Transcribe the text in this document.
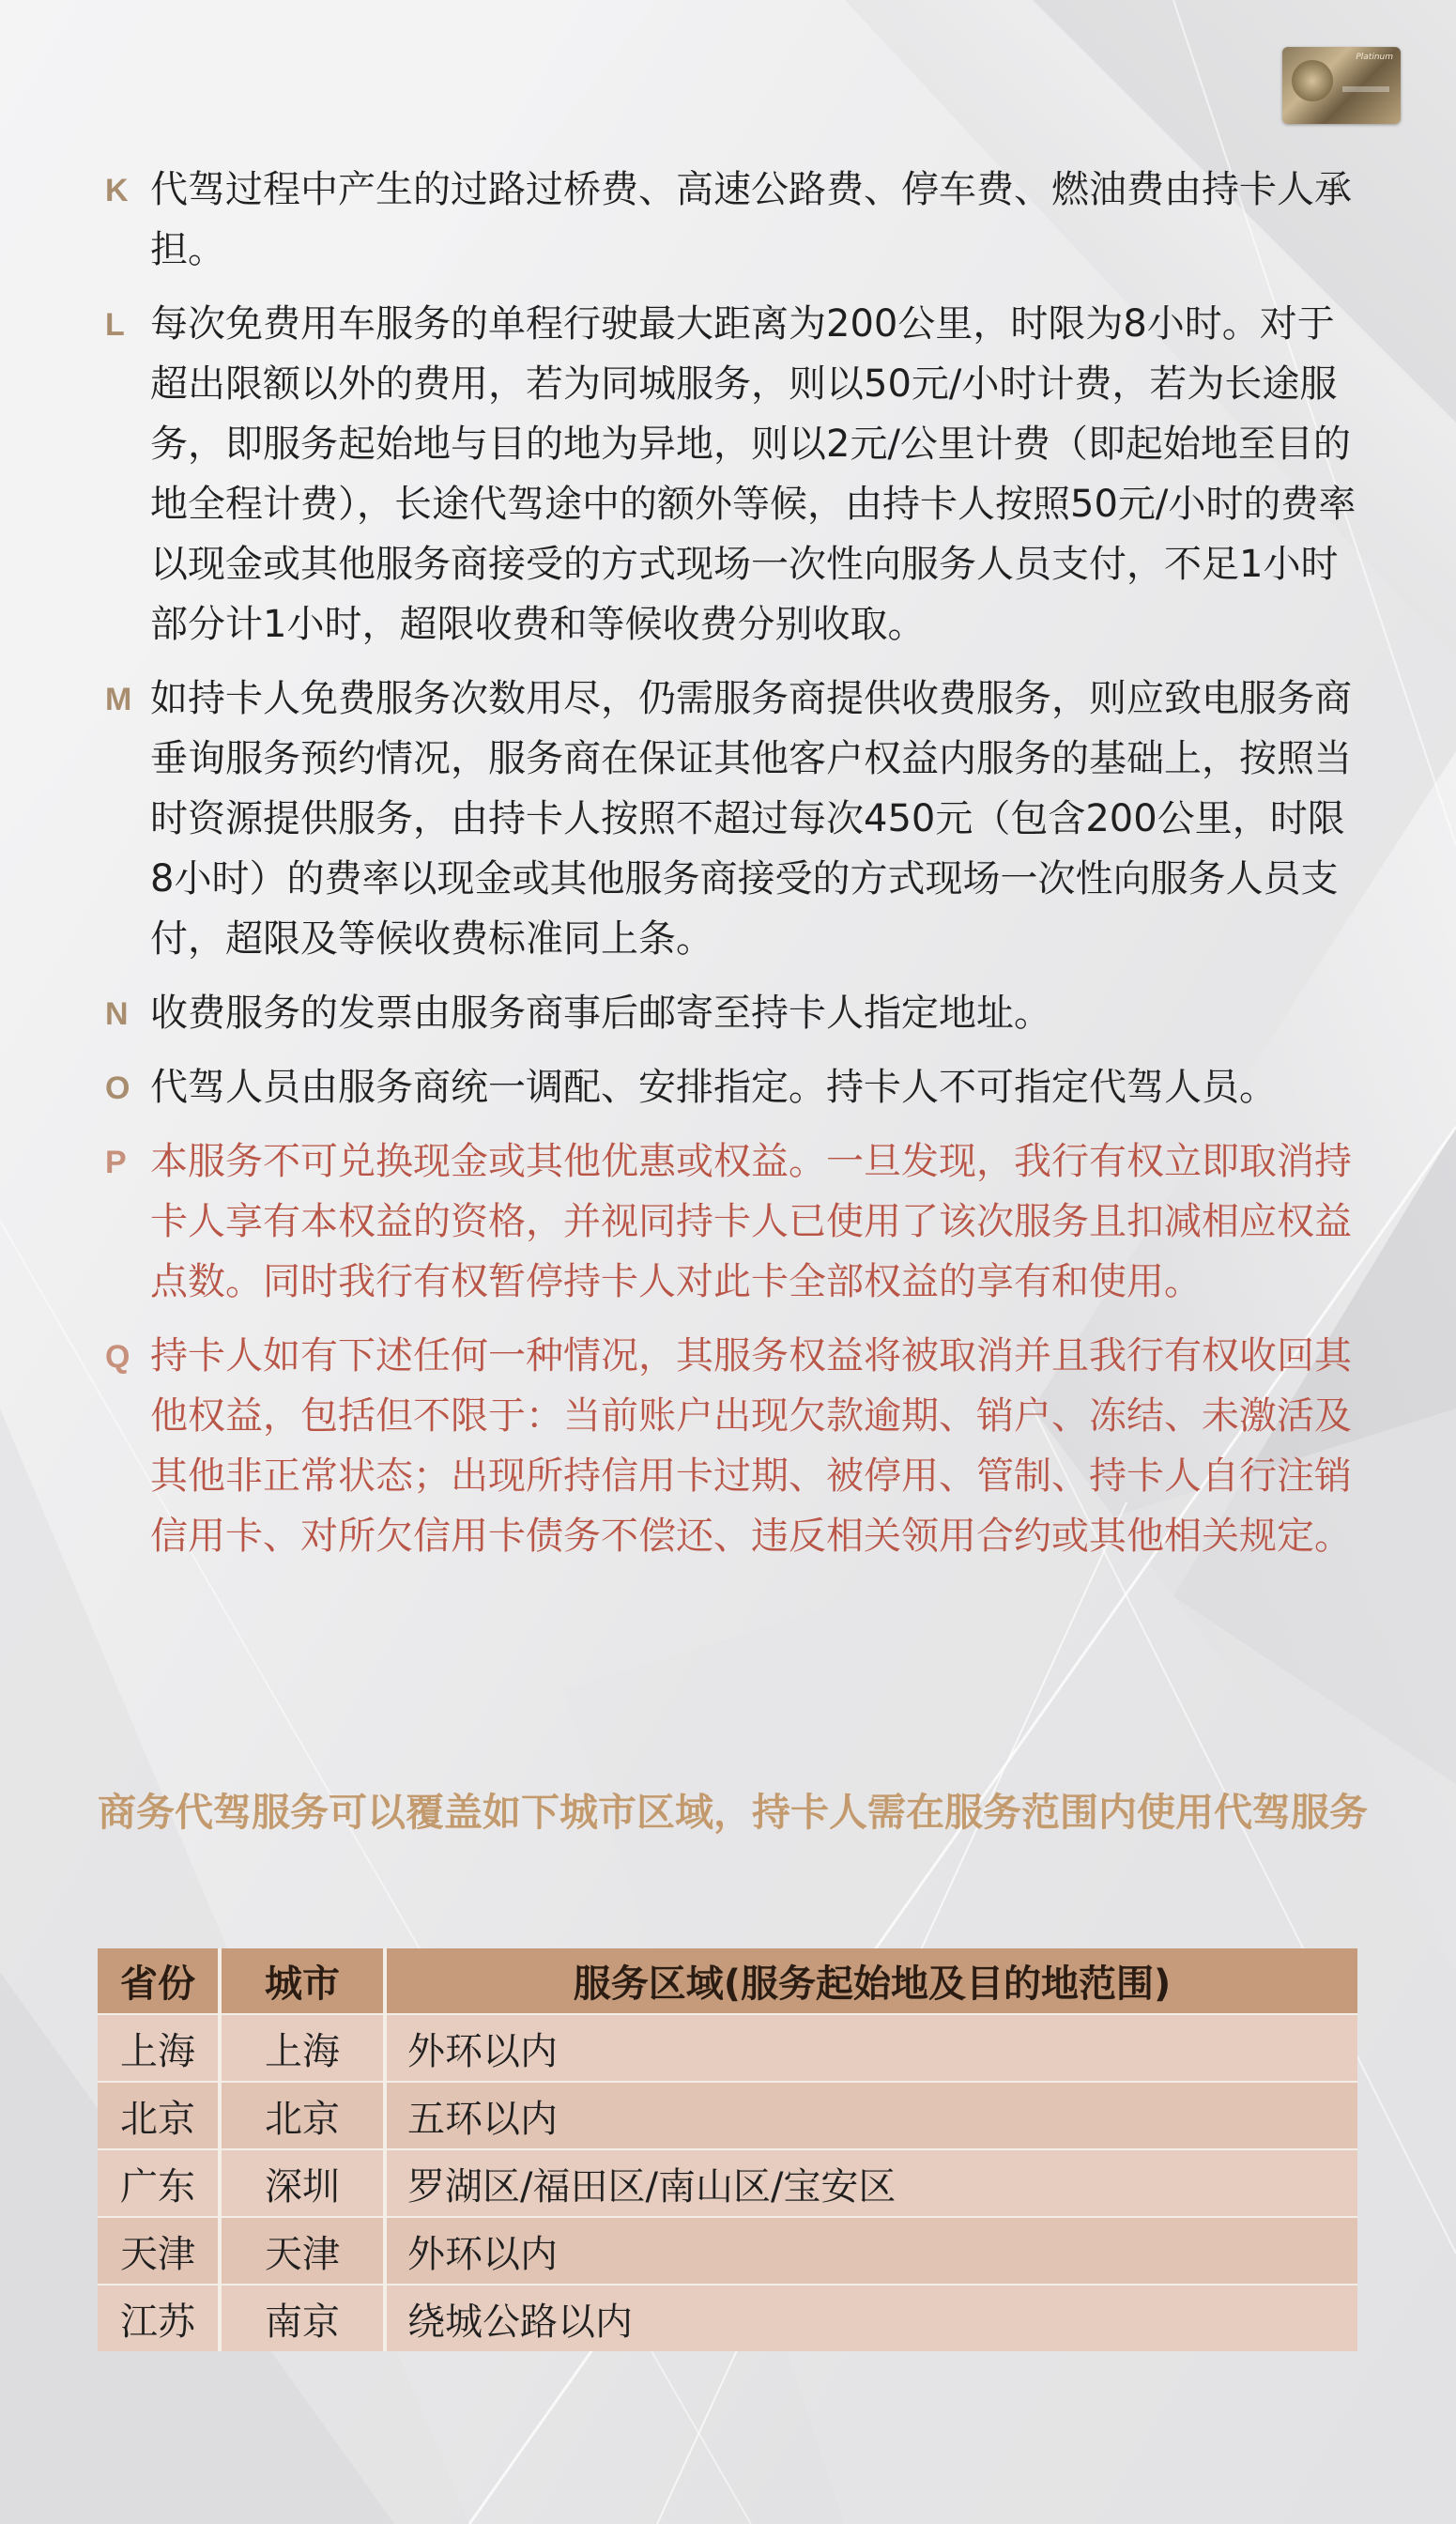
Platinum
K 代驾过程中产生的过路过桥费、高速公路费、停车费、燃油费由持卡人承担。
L 每次免费用车服务的单程行驶最大距离为200公里，时限为8小时。对于超出限额以外的费用，若为同城服务，则以50元/小时计费，若为长途服务，即服务起始地与目的地为异地，则以2元/公里计费（即起始地至目的地全程计费），长途代驾途中的额外等候，由持卡人按照50元/小时的费率以现金或其他服务商接受的方式现场一次性向服务人员支付，不足1小时部分计1小时，超限收费和等候收费分别收取。
M 如持卡人免费服务次数用尽，仍需服务商提供收费服务，则应致电服务商垂询服务预约情况，服务商在保证其他客户权益内服务的基础上，按照当时资源提供服务，由持卡人按照不超过每次450元（包含200公里，时限8小时）的费率以现金或其他服务商接受的方式现场一次性向服务人员支付，超限及等候收费标准同上条。
N 收费服务的发票由服务商事后邮寄至持卡人指定地址。
O 代驾人员由服务商统一调配、安排指定。持卡人不可指定代驾人员。
P 本服务不可兑换现金或其他优惠或权益。一旦发现，我行有权立即取消持卡人享有本权益的资格，并视同持卡人已使用了该次服务且扣减相应权益点数。同时我行有权暂停持卡人对此卡全部权益的享有和使用。
Q 持卡人如有下述任何一种情况，其服务权益将被取消并且我行有权收回其他权益，包括但不限于：当前账户出现欠款逾期、销户、冻结、未激活及其他非正常状态；出现所持信用卡过期、被停用、管制、持卡人自行注销信用卡、对所欠信用卡债务不偿还、违反相关领用合约或其他相关规定。
商务代驾服务可以覆盖如下城市区域，持卡人需在服务范围内使用代驾服务
省份	城市	服务区域(服务起始地及目的地范围)
上海	上海	外环以内
北京	北京	五环以内
广东	深圳	罗湖区/福田区/南山区/宝安区
天津	天津	外环以内
江苏	南京	绕城公路以内
